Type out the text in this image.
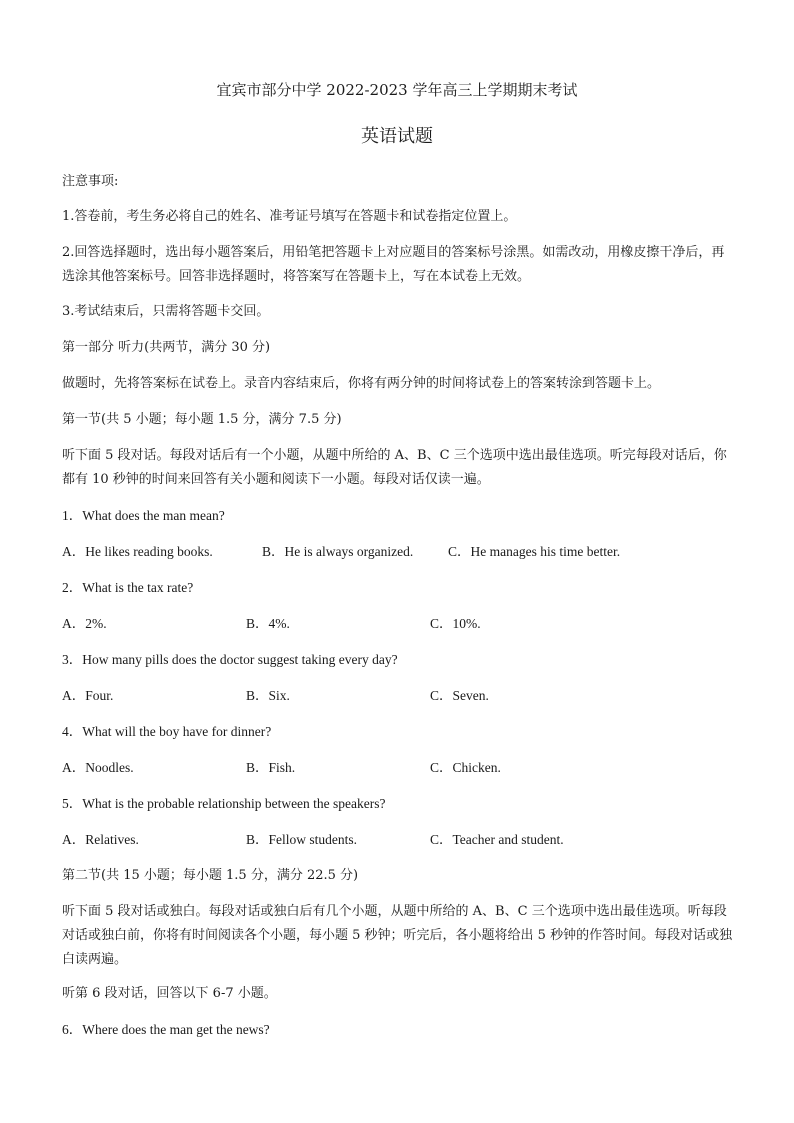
宜宾市部分中学 2022-2023 学年高三上学期期末考试
英语试题
注意事项:
1.答卷前，考生务必将自己的姓名、准考证号填写在答题卡和试卷指定位置上。
2.回答选择题时，选出每小题答案后，用铅笔把答题卡上对应题目的答案标号涂黑。如需改动，用橡皮擦干净后，再选涂其他答案标号。回答非选择题时，将答案写在答题卡上，写在本试卷上无效。
3.考试结束后，只需将答题卡交回。
第一部分 听力(共两节，满分 30 分)
做题时，先将答案标在试卷上。录音内容结束后，你将有两分钟的时间将试卷上的答案转涂到答题卡上。
第一节(共 5 小题；每小题 1.5 分，满分 7.5 分)
听下面 5 段对话。每段对话后有一个小题，从题中所给的 A、B、C 三个选项中选出最佳选项。听完每段对话后，你都有 10 秒钟的时间来回答有关小题和阅读下一小题。每段对话仅读一遍。
1．What does the man mean?
A．He likes reading books.	B．He is always organized.	C．He manages his time better.
2．What is the tax rate?
A．2%.	B．4%.	C．10%.
3．How many pills does the doctor suggest taking every day?
A．Four.	B．Six.	C．Seven.
4．What will the boy have for dinner?
A．Noodles.	B．Fish.	C．Chicken.
5．What is the probable relationship between the speakers?
A．Relatives.	B．Fellow students.	C．Teacher and student.
第二节(共 15 小题；每小题 1.5 分，满分 22.5 分)
听下面 5 段对话或独白。每段对话或独白后有几个小题，从题中所给的 A、B、C 三个选项中选出最佳选项。听每段对话或独白前，你将有时间阅读各个小题，每小题 5 秒钟；听完后，各小题将给出 5 秒钟的作答时间。每段对话或独白读两遍。
听第 6 段对话，回答以下 6-7 小题。
6．Where does the man get the news?
